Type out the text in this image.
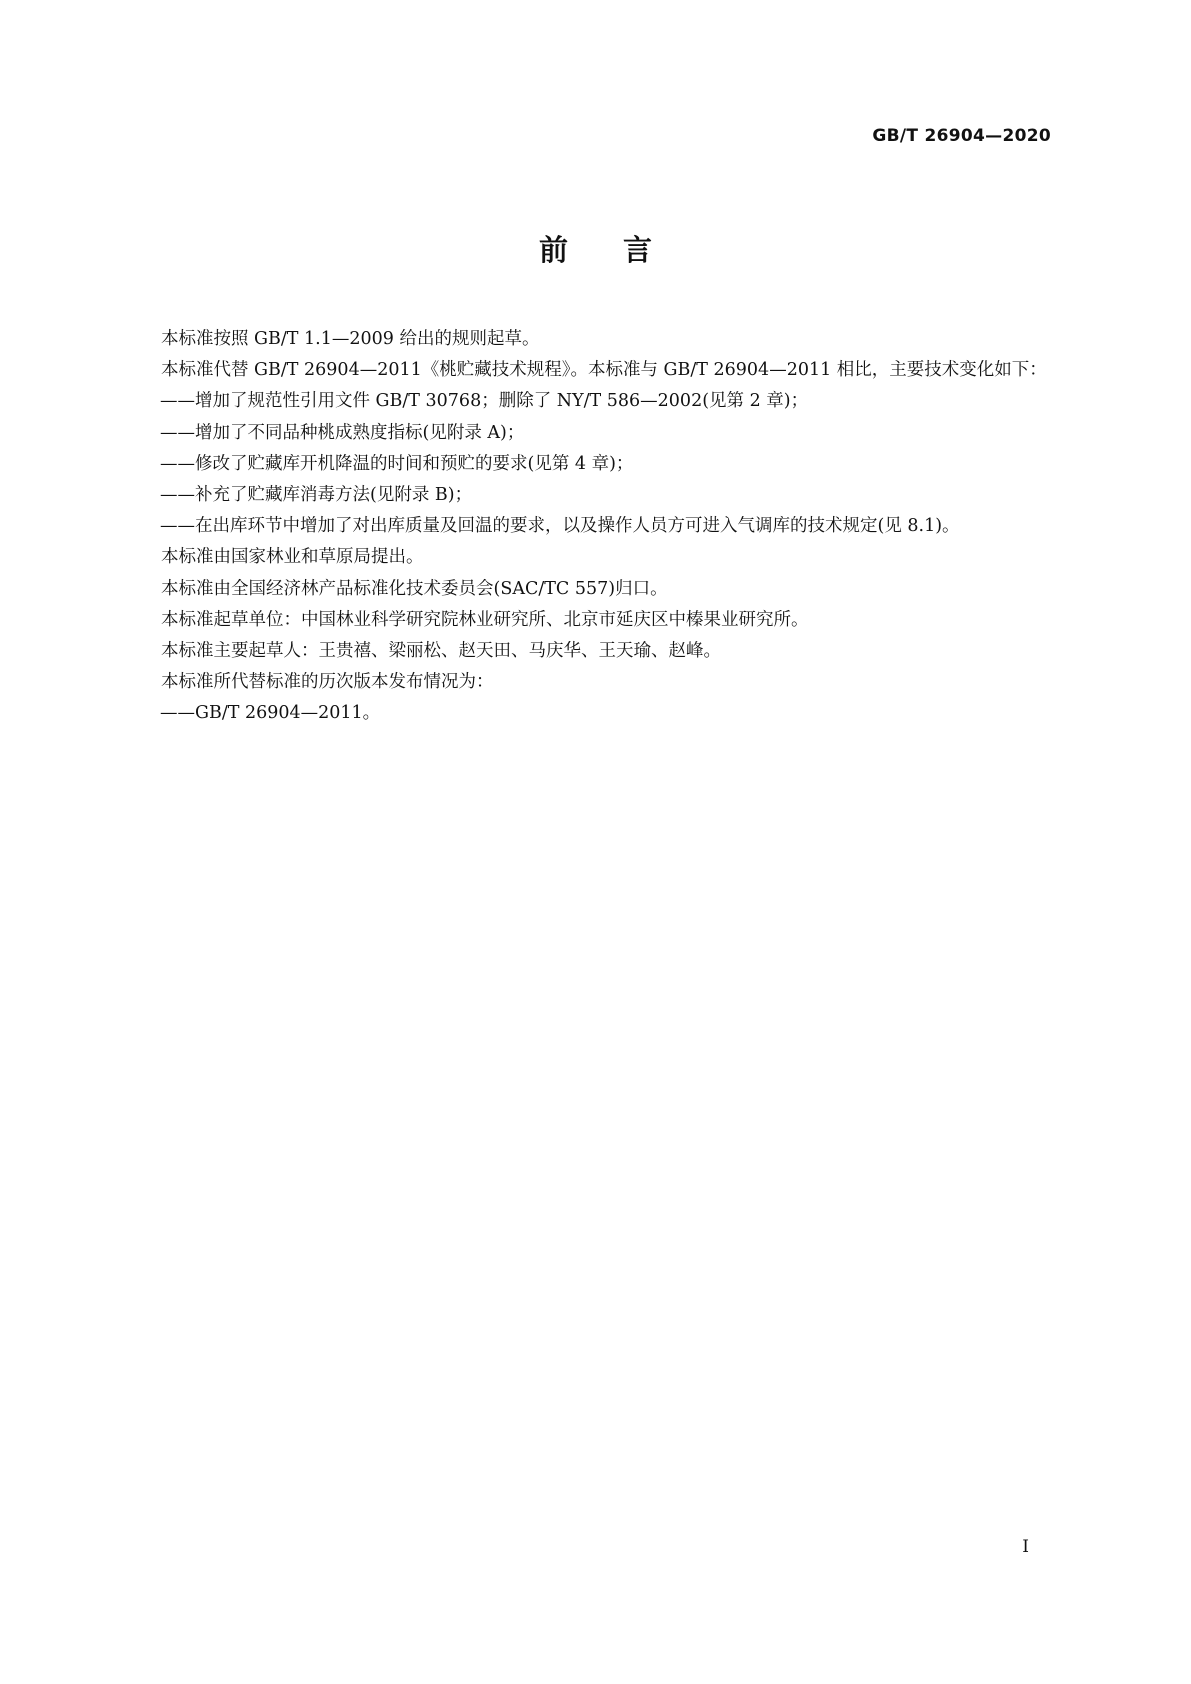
GB/T 26904—2020
前言

本标准按照 GB/T 1.1—2009 给出的规则起草。

本标准代替 GB/T 26904—2011《桃贮藏技术规程》。本标准与 GB/T 26904—2011 相比，主要技术变化如下：

——增加了规范性引用文件 GB/T 30768；删除了 NY/T 586—2002(见第 2 章)；

——增加了不同品种桃成熟度指标(见附录 A)；

——修改了贮藏库开机降温的时间和预贮的要求(见第 4 章)；

——补充了贮藏库消毒方法(见附录 B)；

——在出库环节中增加了对出库质量及回温的要求，以及操作人员方可进入气调库的技术规定(见 8.1)。

本标准由国家林业和草原局提出。

本标准由全国经济林产品标准化技术委员会(SAC/TC 557)归口。

本标准起草单位：中国林业科学研究院林业研究所、北京市延庆区中榛果业研究所。

本标准主要起草人：王贵禧、梁丽松、赵天田、马庆华、王天瑜、赵峰。

本标准所代替标准的历次版本发布情况为：

——GB/T 26904—2011。

I
